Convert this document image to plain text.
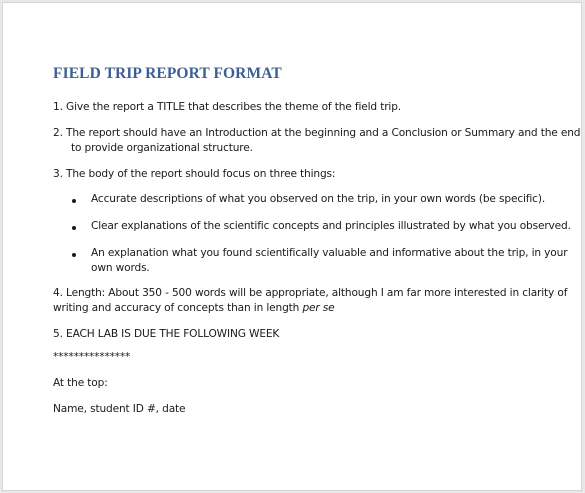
FIELD TRIP REPORT FORMAT

1. Give the report a TITLE that describes the theme of the field trip.

2. The report should have an Introduction at the beginning and a Conclusion or Summary and the end

to provide organizational structure.

3. The body of the report should focus on three things:

Accurate descriptions of what you observed on the trip, in your own words (be specific).

Clear explanations of the scientific concepts and principles illustrated by what you observed.

An explanation what you found scientifically valuable and informative about the trip, in your

own words.

4. Length: About 350 - 500 words will be appropriate, although I am far more interested in clarity of

writing and accuracy of concepts than in length per se

5. EACH LAB IS DUE THE FOLLOWING WEEK

***************

At the top:

Name, student ID #, date
